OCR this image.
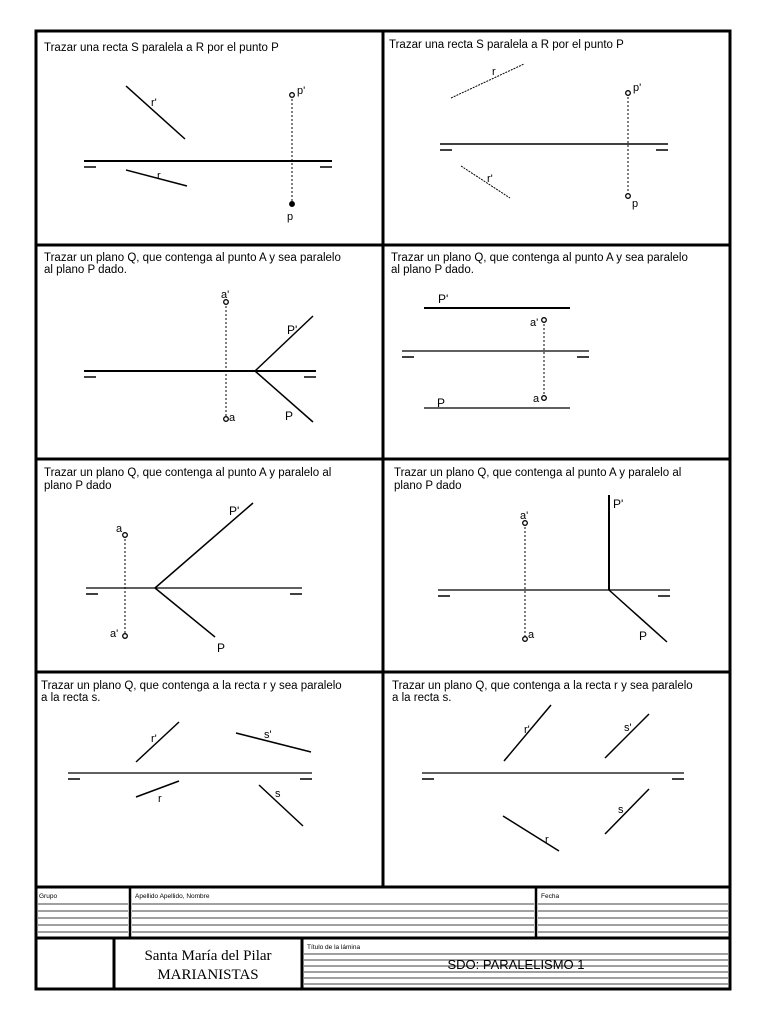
Trazar una recta S paralela a R por el punto P
r'
r
p'
p
Trazar una recta S paralela a R por el punto P
r
r'
p'
p
Trazar un plano Q, que contenga al punto A y sea paralelo
al plano P dado.
a'
a
P'
P
Trazar un plano Q, que contenga al punto A y sea paralelo
al plano P dado.
P'
a'
P	a
Trazar un plano Q, que contenga al punto A y paralelo al
plano P dado
a
P'
a'
P
Trazar un plano Q, que contenga al punto A y paralelo al
plano P dado
a'
P'
a	P
Trazar un plano Q, que contenga a la recta r y sea paralelo
a la recta s.
r'	s'
r	s
Trazar un plano Q, que contenga a la recta r y sea paralelo
a la recta s.
r'	s'
s
r
Grupo	Apellido Apellido, Nombre	Fecha
Santa María del Pilar
MARIANISTAS
Título de la lámina
SDO: PARALELISMO 1
